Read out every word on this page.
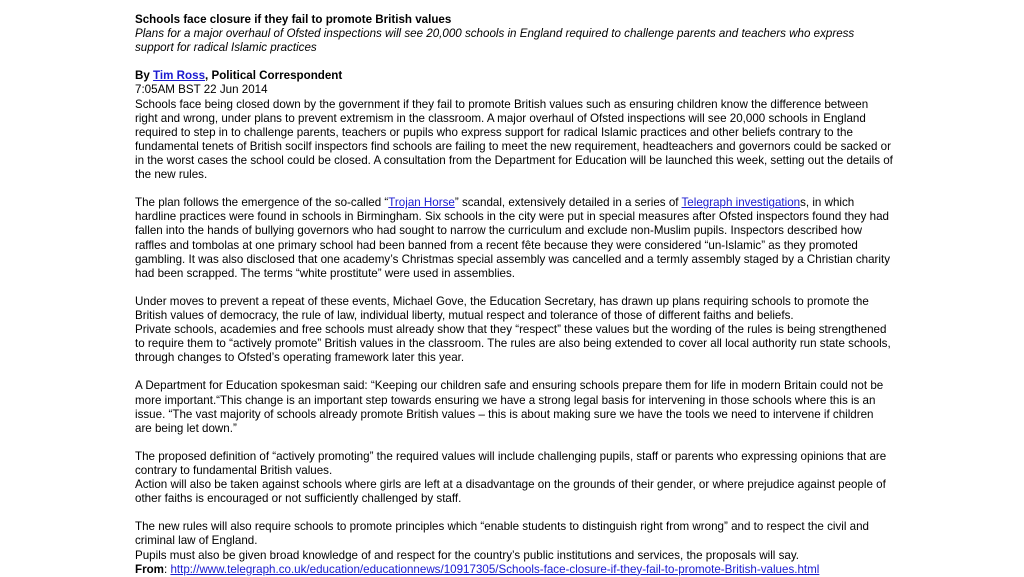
Schools face closure if they fail to promote British values

Plans for a major overhaul of Ofsted inspections will see 20,000 schools in England required to challenge parents and teachers who express support for radical Islamic practices

By Tim Ross, Political Correspondent

7:05AM BST 22 Jun 2014

Schools face being closed down by the government if they fail to promote British values such as ensuring children know the difference between right and wrong, under plans to prevent extremism in the classroom. A major overhaul of Ofsted inspections will see 20,000 schools in England required to step in to challenge parents, teachers or pupils who express support for radical Islamic practices and other beliefs contrary to the fundamental tenets of British socilf inspectors find schools are failing to meet the new requirement, headteachers and governors could be sacked or in the worst cases the school could be closed. A consultation from the Department for Education will be launched this week, setting out the details of the new rules.

The plan follows the emergence of the so-called “Trojan Horse” scandal, extensively detailed in a series of Telegraph investigations, in which hardline practices were found in schools in Birmingham. Six schools in the city were put in special measures after Ofsted inspectors found they had fallen into the hands of bullying governors who had sought to narrow the curriculum and exclude non-Muslim pupils. Inspectors described how raffles and tombolas at one primary school had been banned from a recent fête because they were considered “un-Islamic” as they promoted gambling. It was also disclosed that one academy’s Christmas special assembly was cancelled and a termly assembly staged by a Christian charity had been scrapped. The terms “white prostitute” were used in assemblies.

Under moves to prevent a repeat of these events, Michael Gove, the Education Secretary, has drawn up plans requiring schools to promote the British values of democracy, the rule of law, individual liberty, mutual respect and tolerance of those of different faiths and beliefs.

Private schools, academies and free schools must already show that they “respect” these values but the wording of the rules is being strengthened to require them to “actively promote” British values in the classroom. The rules are also being extended to cover all local authority run state schools, through changes to Ofsted’s operating framework later this year.

A Department for Education spokesman said: “Keeping our children safe and ensuring schools prepare them for life in modern Britain could not be more important.“This change is an important step towards ensuring we have a strong legal basis for intervening in those schools where this is an issue. “The vast majority of schools already promote British values – this is about making sure we have the tools we need to intervene if children are being let down.”

The proposed definition of “actively promoting” the required values will include challenging pupils, staff or parents who expressing opinions that are contrary to fundamental British values.

Action will also be taken against schools where girls are left at a disadvantage on the grounds of their gender, or where prejudice against people of other faiths is encouraged or not sufficiently challenged by staff.

The new rules will also require schools to promote principles which “enable students to distinguish right from wrong” and to respect the civil and criminal law of England.

Pupils must also be given broad knowledge of and respect for the country’s public institutions and services, the proposals will say.

From: http://www.telegraph.co.uk/education/educationnews/10917305/Schools-face-closure-if-they-fail-to-promote-British-values.html
